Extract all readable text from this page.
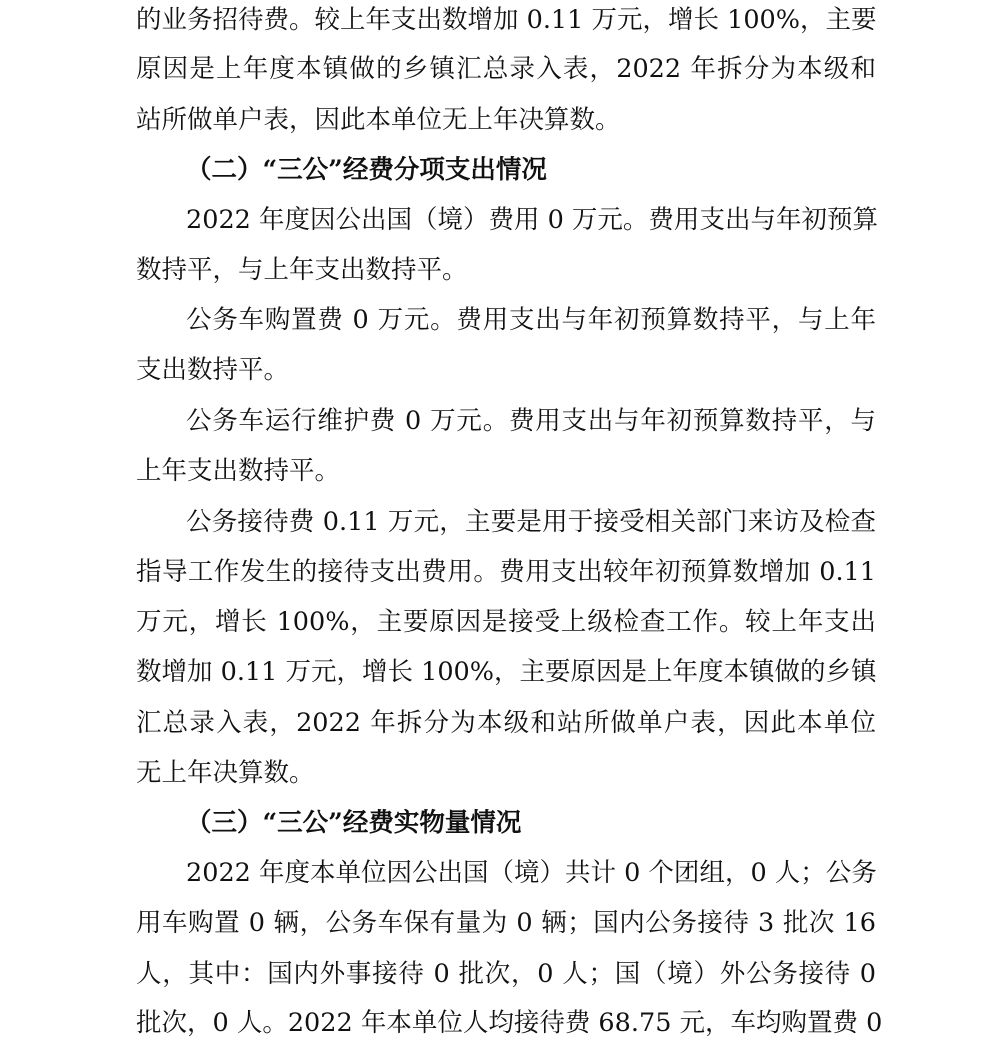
的业务招待费。较上年支出数增加 0.11 万元，增长 100%，主要
原因是上年度本镇做的乡镇汇总录入表，2022 年拆分为本级和
站所做单户表，因此本单位无上年决算数。
（二）“三公”经费分项支出情况
2022 年度因公出国（境）费用 0 万元。费用支出与年初预算
数持平，与上年支出数持平。
公务车购置费 0 万元。费用支出与年初预算数持平，与上年
支出数持平。
公务车运行维护费 0 万元。费用支出与年初预算数持平，与
上年支出数持平。
公务接待费 0.11 万元，主要是用于接受相关部门来访及检查
指导工作发生的接待支出费用。费用支出较年初预算数增加 0.11
万元，增长 100%，主要原因是接受上级检查工作。较上年支出
数增加 0.11 万元，增长 100%，主要原因是上年度本镇做的乡镇
汇总录入表，2022 年拆分为本级和站所做单户表，因此本单位
无上年决算数。
（三）“三公”经费实物量情况
2022 年度本单位因公出国（境）共计 0 个团组，0 人；公务
用车购置 0 辆，公务车保有量为 0 辆；国内公务接待 3 批次 16
人，其中：国内外事接待 0 批次，0 人；国（境）外公务接待 0
批次，0 人。2022 年本单位人均接待费 68.75 元，车均购置费 0
